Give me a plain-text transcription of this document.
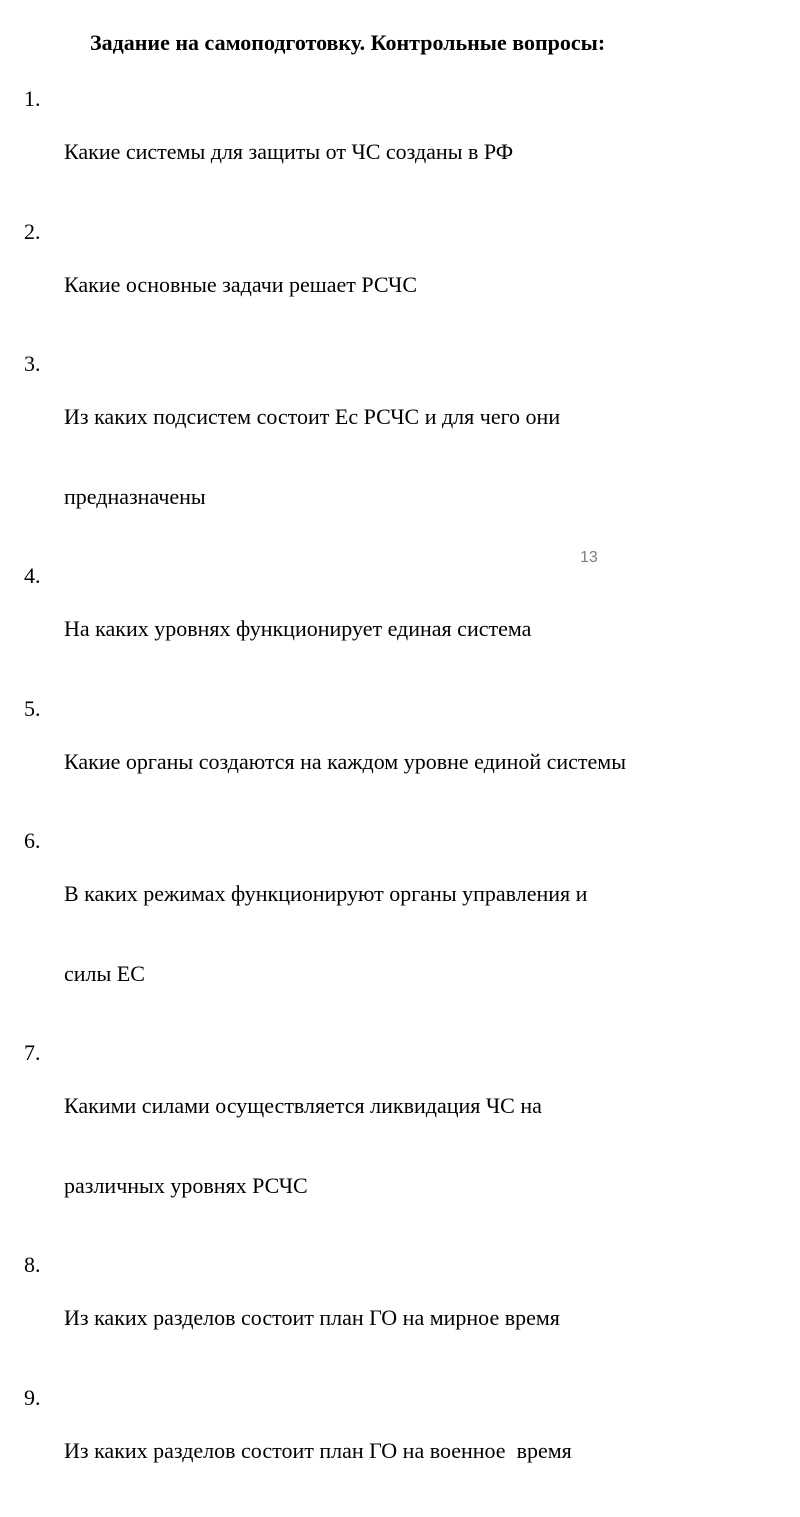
Задание на самоподготовку. Контрольные вопросы:
1.

Какие системы для защиты от ЧС созданы в РФ

2.

Какие основные задачи решает РСЧС

3.

Из каких подсистем состоит Ес РСЧС и для чего они

предназначены

4.

На каких уровнях функционирует единая система

5.

Какие органы создаются на каждом уровне единой системы

6.

В каких режимах функционируют органы управления и

силы ЕС

7.

Какими силами осуществляется ликвидация ЧС на

различных уровнях РСЧС

8.

Из каких разделов состоит план ГО на мирное время

9.

Из каких разделов состоит план ГО на военное  время

13
